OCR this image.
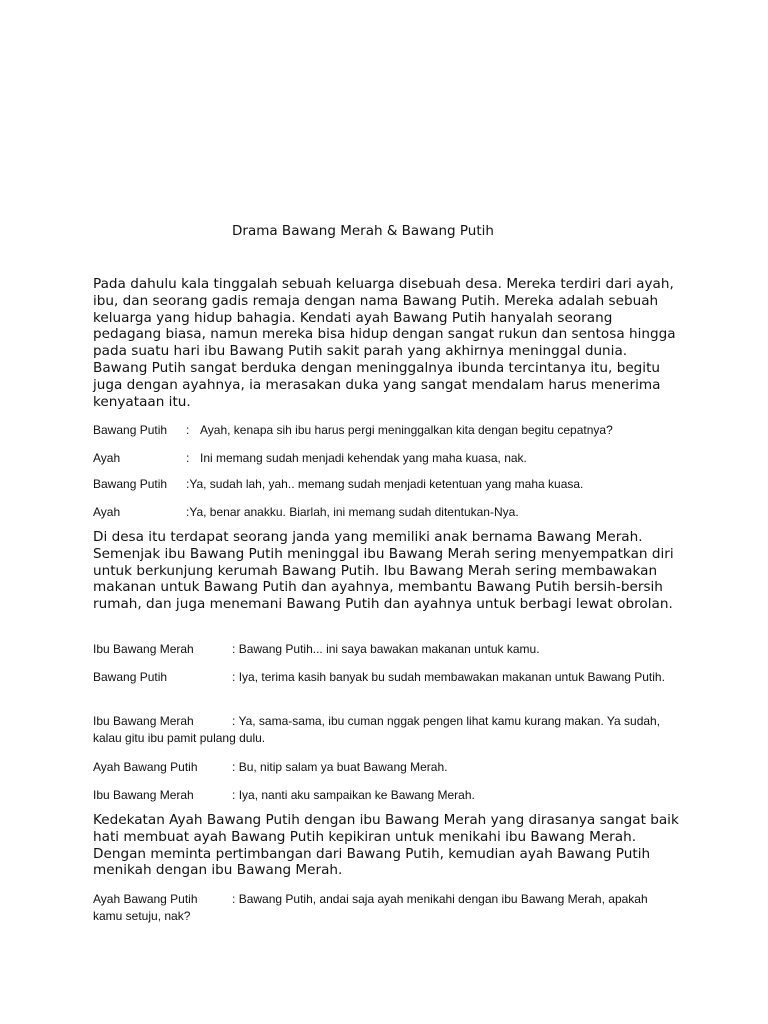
Drama Bawang Merah & Bawang Putih

Pada dahulu kala tinggalah sebuah keluarga disebuah desa. Mereka terdiri dari ayah, ibu, dan seorang gadis remaja dengan nama Bawang Putih. Mereka adalah sebuah keluarga yang hidup bahagia. Kendati ayah Bawang Putih hanyalah seorang pedagang biasa, namun mereka bisa hidup dengan sangat rukun dan sentosa hingga pada suatu hari ibu Bawang Putih sakit parah yang akhirnya meninggal dunia. Bawang Putih sangat berduka dengan meninggalnya ibunda tercintanya itu, begitu juga dengan ayahnya, ia merasakan duka yang sangat mendalam harus menerima kenyataan itu.

Bawang Putih : Ayah, kenapa sih ibu harus pergi meninggalkan kita dengan begitu cepatnya?
Ayah	: Ini memang sudah menjadi kehendak yang maha kuasa, nak.
Bawang Putih :Ya, sudah lah, yah.. memang sudah menjadi ketentuan yang maha kuasa.
Ayah	:Ya, benar anakku. Biarlah, ini memang sudah ditentukan-Nya.

Di desa itu terdapat seorang janda yang memiliki anak bernama Bawang Merah. Semenjak ibu Bawang Putih meninggal ibu Bawang Merah sering menyempatkan diri untuk berkunjung kerumah Bawang Putih. Ibu Bawang Merah sering membawakan makanan untuk Bawang Putih dan ayahnya, membantu Bawang Putih bersih-bersih rumah, dan juga menemani Bawang Putih dan ayahnya untuk berbagi lewat obrolan.

Ibu Bawang Merah	: Bawang Putih... ini saya bawakan makanan untuk kamu.
Bawang Putih	: Iya, terima kasih banyak bu sudah membawakan makanan untuk Bawang Putih.
Ibu Bawang Merah	: Ya, sama-sama, ibu cuman nggak pengen lihat kamu kurang makan. Ya sudah, kalau gitu ibu pamit pulang dulu.
Ayah Bawang Putih	: Bu, nitip salam ya buat Bawang Merah.
Ibu Bawang Merah	: Iya, nanti aku sampaikan ke Bawang Merah.

Kedekatan Ayah Bawang Putih dengan ibu Bawang Merah yang dirasanya sangat baik hati membuat ayah Bawang Putih kepikiran untuk menikahi ibu Bawang Merah. Dengan meminta pertimbangan dari Bawang Putih, kemudian ayah Bawang Putih menikah dengan ibu Bawang Merah.

Ayah Bawang Putih	: Bawang Putih, andai saja ayah menikahi dengan ibu Bawang Merah, apakah kamu setuju, nak?
